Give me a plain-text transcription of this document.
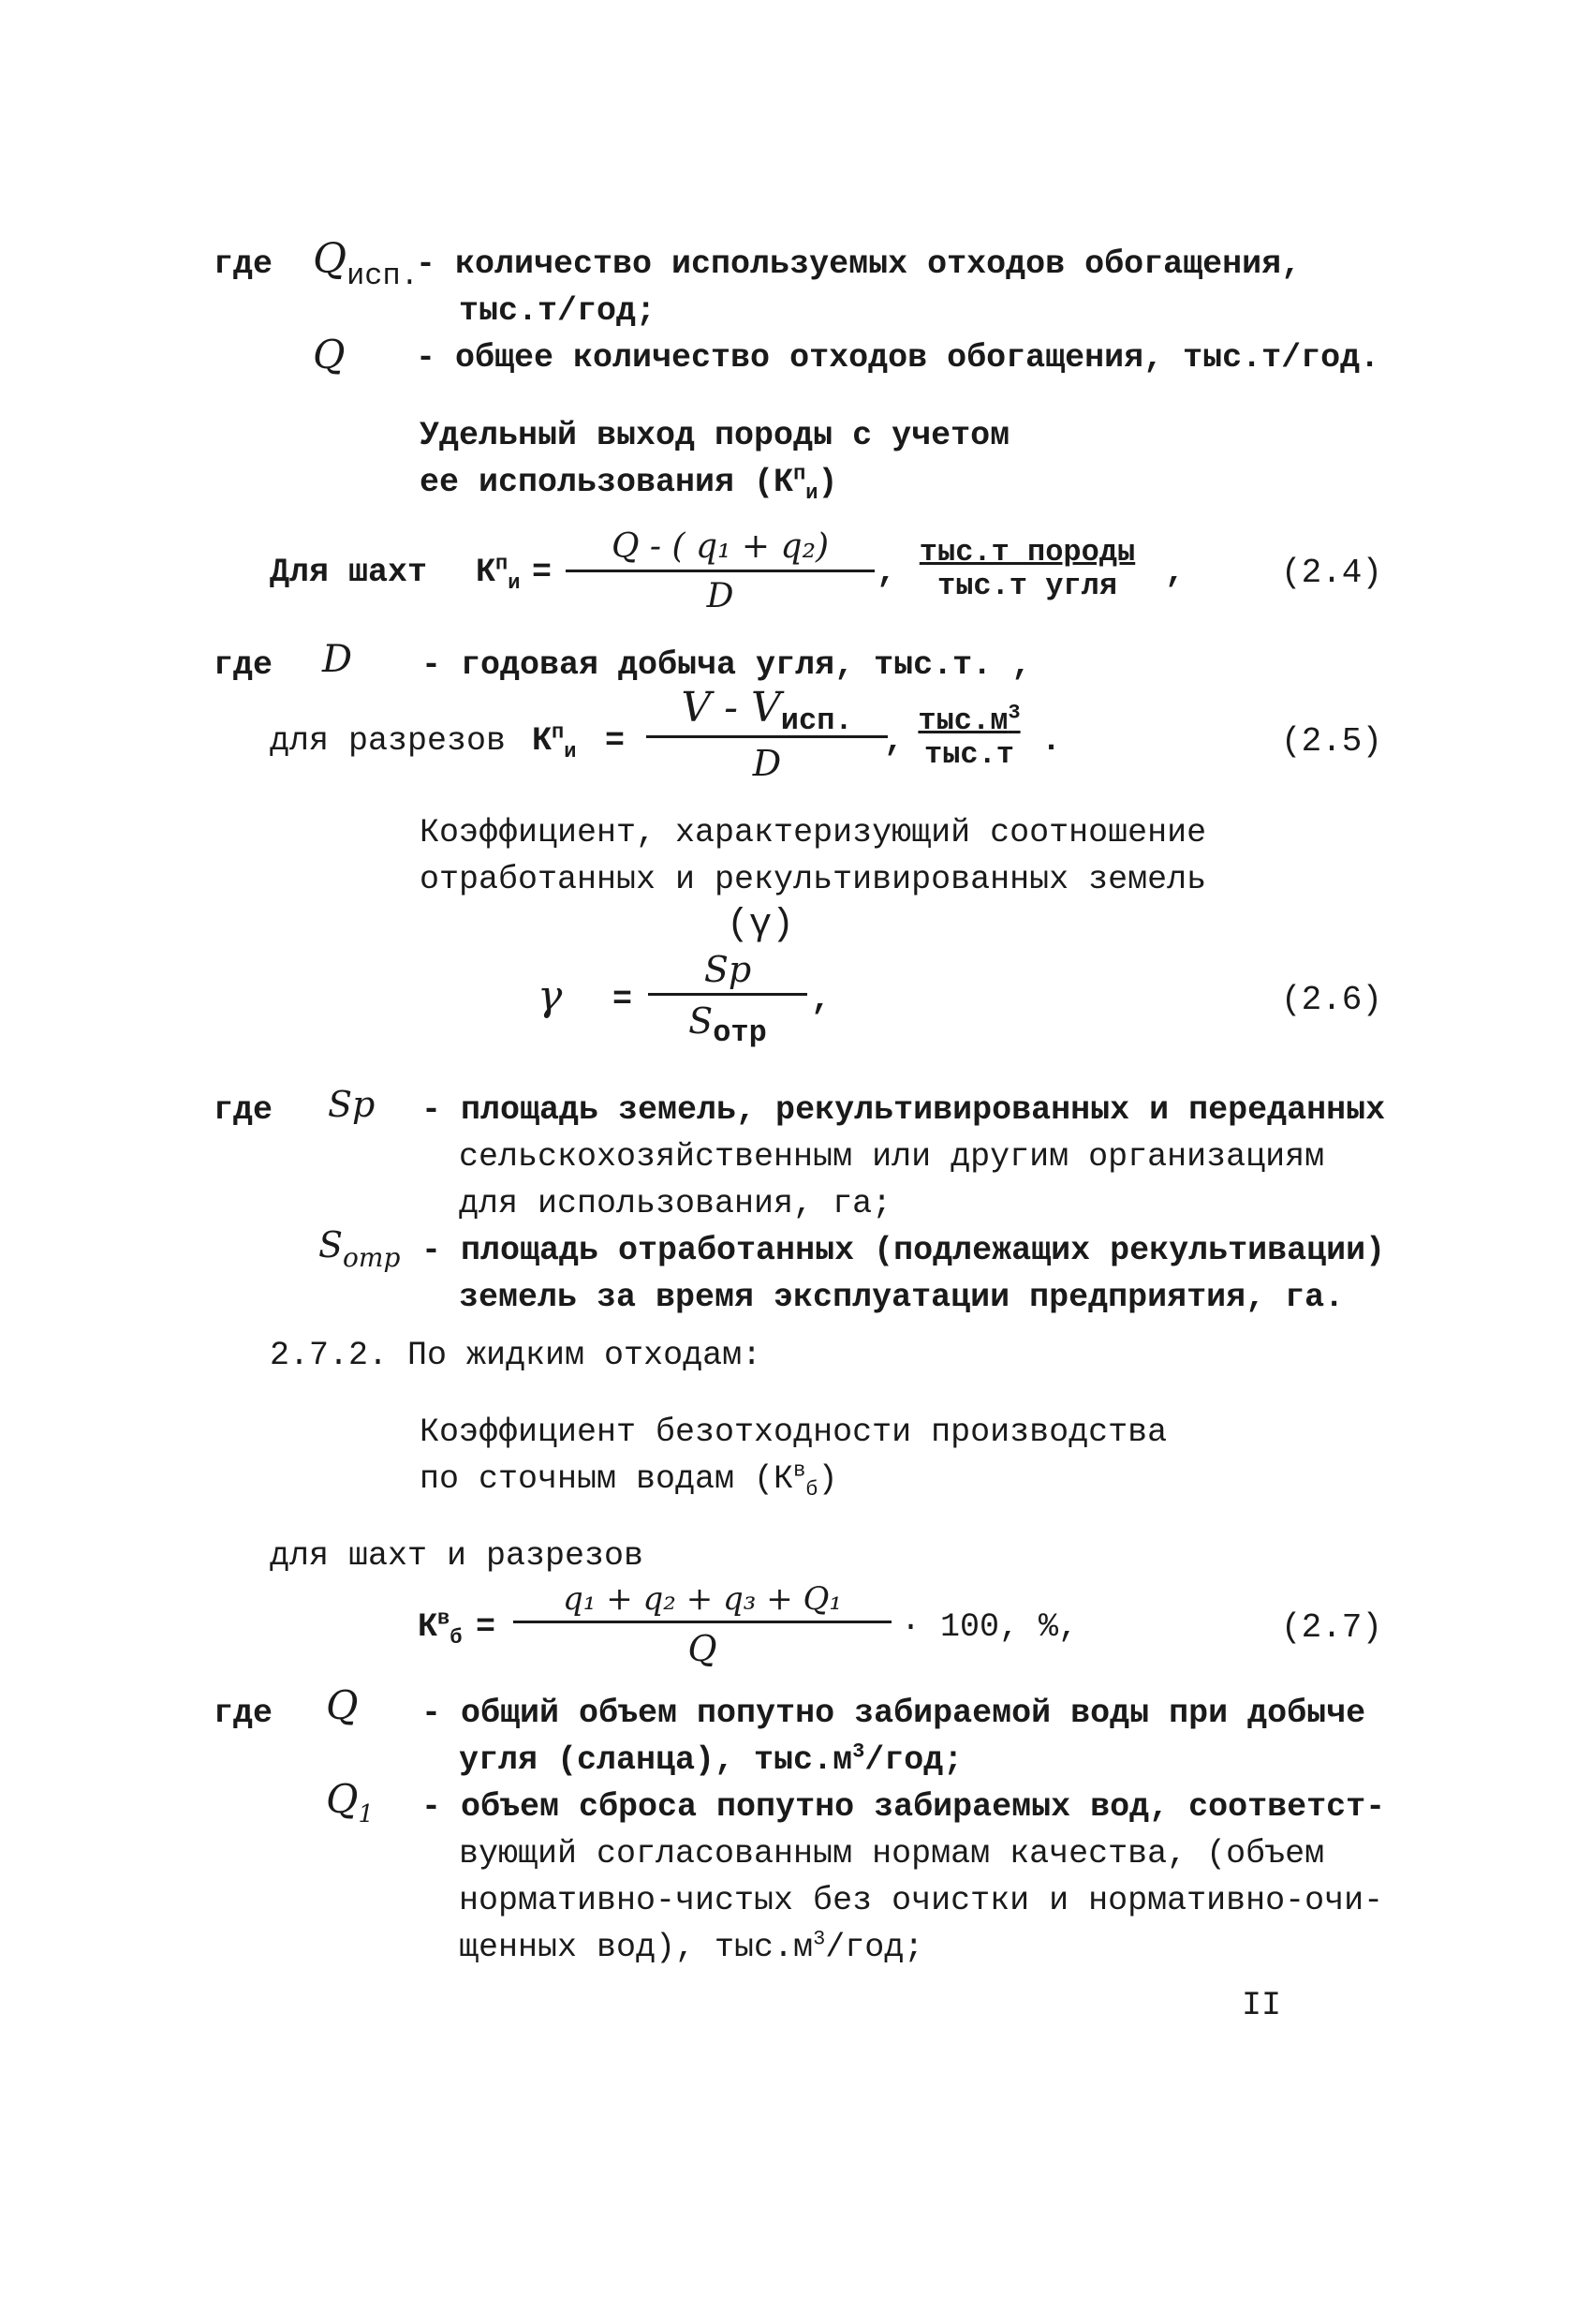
где $Q_{исп.}$
- количество используемых отходов обогащения,
тыс.т/год;
Q - общее количество отходов обогащения, тыс.т/год.
Удельный выход породы с учетом
ее использования $(К^п_и)$
Для шахт $К^п_и = \frac{\text{Q - ( q₁ + q₂)}}{D}$ ,
тыс.т породы
тыс.т угля	,	(2.4)
где D - годовая добыча угля, тыс.т. ,
для разрезов $К^п_и$ =
V - Vисп.
D
,
$тыс.м^3$
тыс.т .	(2.5)
Коэффициент, характеризующий соотношение
отработанных и рекультивированных земель
(γ)
γ =
Sp
Sотр
,	(2.6)
где Sp - площадь земель, рекультивированных и переданных
сельскохозяйственным или другим организациям
для использования, га;
$S_{отр}$ - площадь отработанных (подлежащих рекультивации)
земель за время эксплуатации предприятия, га.
2.7.2. По жидким отходам:
Коэффициент безотходности производства
по сточным водам $(К^в_б)$
для шахт и разрезов
$К^в_б = \frac{\text{q₁ + q₂ + q₃ + Q₁}}{Q} \cdot 100$, %,	(2.7)
где Q - общий объем попутно забираемой воды при добыче
угля (сланца), $тыс.м^3$/год;
$Q_1$ - объем сброса попутно забираемых вод, соответст-
вующий согласованным нормам качества, (объем
нормативно-чистых без очистки и нормативно-очи-
щенных вод), $тыс.м^3$/год;
II
